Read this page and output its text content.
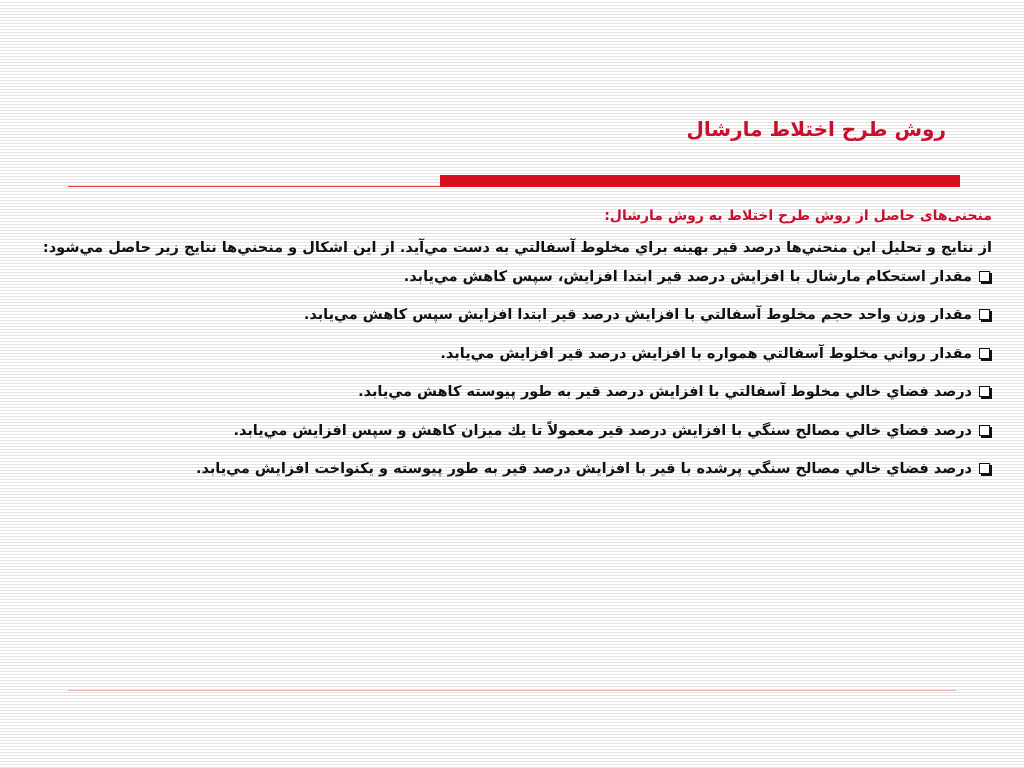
روش طرح اختلاط مارشال

منحنی‌های حاصل از روش طرح اختلاط به روش مارشال:

از نتايج و تحليل اين منحني‌ها درصد قير بهينه براي مخلوط آسفالتي به دست مي‌آيد. از اين اشكال و منحني‌ها نتايج زير حاصل مي‌شود:

مقدار استحكام مارشال با افزايش درصد قير ابتدا افزايش، سپس كاهش مي‌يابد.
مقدار وزن واحد حجم مخلوط آسفالتي با افزايش درصد قير ابتدا افزايش سپس كاهش مي‌يابد.
مقدار رواني مخلوط آسفالتي همواره با افزايش درصد قير افزايش مي‌يابد.
درصد فضاي خالي مخلوط آسفالتي با افزايش درصد قير به طور پيوسته كاهش مي‌يابد.
درصد فضاي خالي مصالح سنگي با افزايش درصد قير معمولاً تا يك ميزان كاهش و سپس افزايش مي‌يابد.
درصد فضاي خالي مصالح سنگي پرشده با قير با افزايش درصد قير به طور پيوسته و يكنواخت افزايش مي‌يابد.
